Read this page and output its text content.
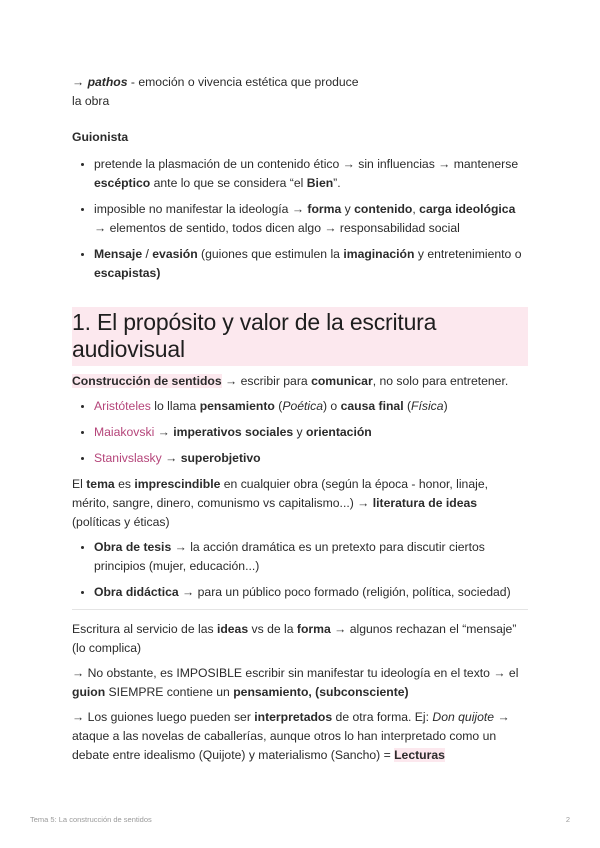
→ pathos - emoción o vivencia estética que produce
la obra

Guionista

• pretende la plasmación de un contenido ético → sin influencias → mantenerse escéptico ante lo que se considera “el Bien”.
• imposible no manifestar la ideología → forma y contenido, carga ideológica → elementos de sentido, todos dicen algo → responsabilidad social
• Mensaje / evasión (guiones que estimulen la imaginación y entretenimiento o escapistas)
1. El propósito y valor de la escritura audiovisual

Construcción de sentidos → escribir para comunicar, no solo para entretener.

• Aristóteles lo llama pensamiento (Poética) o causa final (Física)
• Maiakovski → imperativos sociales y orientación
• Stanivslasky → superobjetivo

El tema es imprescindible en cualquier obra (según la época - honor, linaje, mérito, sangre, dinero, comunismo vs capitalismo...) → literatura de ideas (políticas y éticas)

• Obra de tesis → la acción dramática es un pretexto para discutir ciertos principios (mujer, educación...)
• Obra didáctica → para un público poco formado (religión, política, sociedad)

Escritura al servicio de las ideas vs de la forma → algunos rechazan el “mensaje” (lo complica)

→ No obstante, es IMPOSIBLE escribir sin manifestar tu ideología en el texto → el guion SIEMPRE contiene un pensamiento, (subconsciente)

→ Los guiones luego pueden ser interpretados de otra forma. Ej: Don quijote → ataque a las novelas de caballerías, aunque otros lo han interpretado como un debate entre idealismo (Quijote) y materialismo (Sancho) = Lecturas

Tema 5: La construcción de sentidos	2
